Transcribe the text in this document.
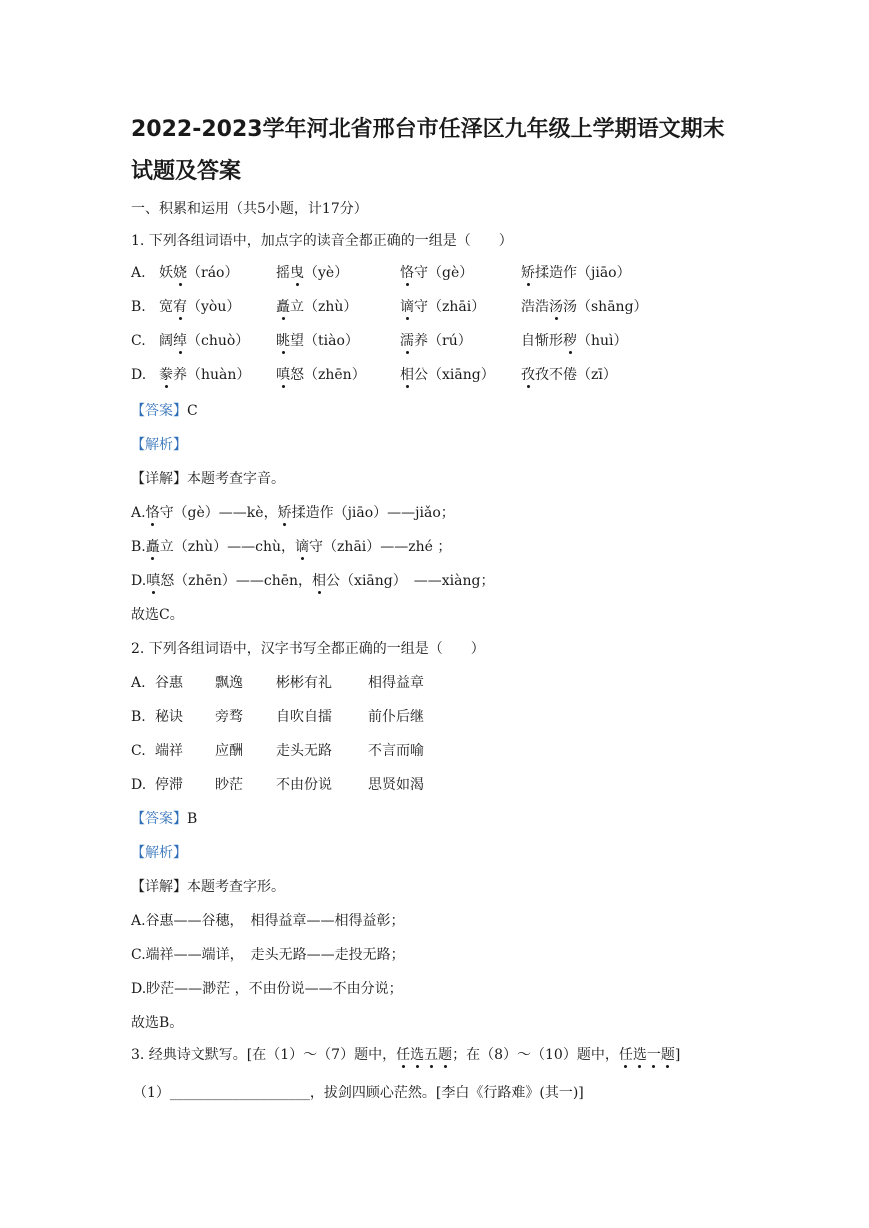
2022-2023学年河北省邢台市任泽区九年级上学期语文期末
试题及答案
一、积累和运用（共5小题，计17分）
1. 下列各组词语中，加点字的读音全都正确的一组是（　　）
A. 妖娆（ráo）	摇曳（yè）	恪守（gè）	矫揉造作（jiāo）
B. 宽宥（yòu）	矗立（zhù）	谪守（zhāi）	浩浩汤汤（shāng）
C. 阔绰（chuò） 眺望（tiào）	濡养（rú）	自惭形秽（huì）
D. 豢养（huàn） 嗔怒（zhēn） 相公（xiāng） 孜孜不倦（zī）
【答案】C
【解析】
【详解】本题考查字音。
A.恪守（gè）——kè，矫揉造作（jiāo）——jiǎo；
B.矗立（zhù）——chù，谪守（zhāi）——zhé ；
D.嗔怒（zhēn）——chēn，相公（xiāng）　——xiàng；
故选C。
2. 下列各组词语中，汉字书写全都正确的一组是（　　）
A. 谷惠 飘逸 彬彬有礼	相得益章
B. 秘诀 旁骛 自吹自擂	前仆后继
C. 端祥 应酬 走头无路	不言而喻
D. 停滞 眇茫 不由份说	思贤如渴
【答案】B
【解析】
【详解】本题考查字形。
A.谷惠——谷穗，　相得益章——相得益彰；
C.端祥——端详，　走头无路——走投无路；
D.眇茫——渺茫 ，不由份说——不由分说；
故选B。
3. 经典诗文默写。[在（1）～（7）题中，任选五题；在（8）～（10）题中，任选一题]
（1）____________________，拔剑四顾心茫然。[李白《行路难》(其一)]
